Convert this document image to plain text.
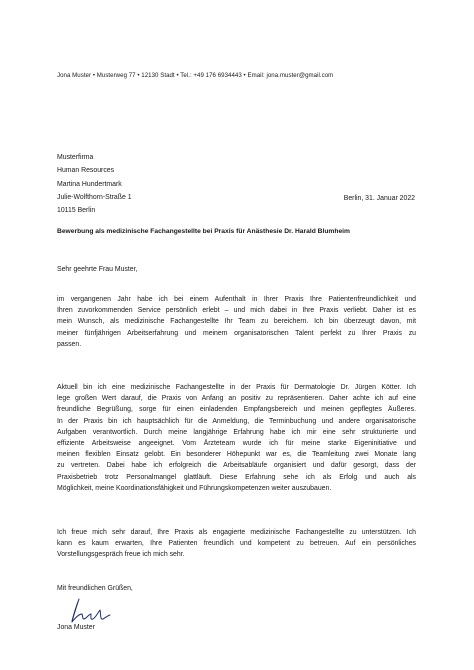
Jona Muster • Musterweg 77 • 12130 Stadt • Tel.: +49 176 6934443 • Email: jona.muster@gmail.com
Musterfirma
Human Resources
Martina Hundertmark
Julie-Wolfthorn-Straße 1
10115 Berlin
Berlin, 31. Januar 2022
Bewerbung als medizinische Fachangestellte bei Praxis für Anästhesie Dr. Harald Blumheim
Sehr geehrte Frau Muster,
im vergangenen Jahr habe ich bei einem Aufenthalt in Ihrer Praxis Ihre Patientenfreundlichkeit und
Ihren zuvorkommenden Service persönlich erlebt – und mich dabei in Ihre Praxis verliebt. Daher ist es
mein Wunsch, als medizinische Fachangestellte Ihr Team zu bereichern. Ich bin überzeugt davon, mit
meiner fünfjährigen Arbeitserfahrung und meinem organisatorischen Talent perfekt zu Ihrer Praxis zu
passen.
Aktuell bin ich eine medizinische Fachangestellte in der Praxis für Dermatologie Dr. Jürgen Kötter. Ich
lege großen Wert darauf, die Praxis von Anfang an positiv zu repräsentieren. Daher achte ich auf eine
freundliche Begrüßung, sorge für einen einladenden Empfangsbereich und meinen gepflegtes Äußeres.
In der Praxis bin ich hauptsächlich für die Anmeldung, die Terminbuchung und andere organisatorische
Aufgaben verantwortlich. Durch meine langjährige Erfahrung habe ich mir eine sehr strukturierte und
effiziente Arbeitsweise angeeignet. Vom Ärzteteam wurde ich für meine starke Eigeninitiative und
meinen flexiblen Einsatz gelobt. Ein besonderer Höhepunkt war es, die Teamleitung zwei Monate lang
zu vertreten. Dabei habe ich erfolgreich die Arbeitsabläufe organisiert und dafür gesorgt, dass der
Praxisbetrieb trotz Personalmangel glattläuft. Diese Erfahrung sehe ich als Erfolg und auch als
Möglichkeit, meine Koordinationsfähigkeit und Führungskompetenzen weiter auszubauen.
Ich freue mich sehr darauf, Ihre Praxis als engagierte medizinische Fachangestellte zu unterstützen. Ich
kann es kaum erwarten, Ihre Patienten freundlich und kompetent zu betreuen. Auf ein persönliches
Vorstellungsgespräch freue ich mich sehr.
Mit freundlichen Grüßen,
Jona Muster
